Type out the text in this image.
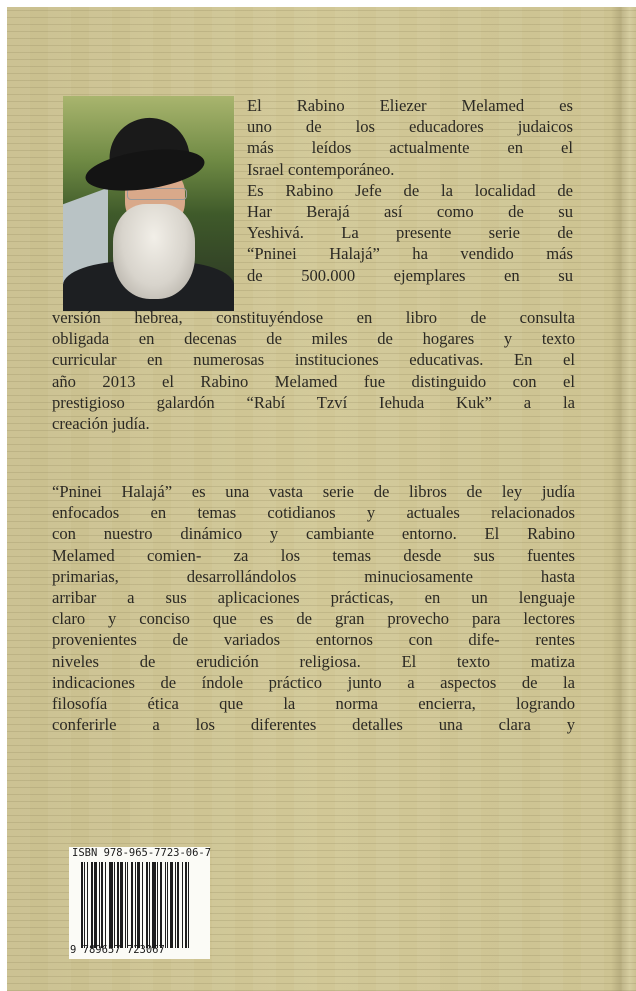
El Rabino Eliezer Melamed es
uno de los educadores judaicos
más leídos actualmente en el
Israel contemporáneo.
Es Rabino Jefe de la localidad de
Har Berajá así como de su
Yeshivá. La presente serie de
“Pninei Halajá” ha vendido más
de 500.000 ejemplares en su
versión hebrea, constituyéndose en libro de consulta
obligada en decenas de miles de hogares y texto
curricular en numerosas instituciones educativas. En el
año 2013 el Rabino Melamed fue distinguido con el
prestigioso galardón “Rabí Tzví Iehuda Kuk” a la
creación judía.
“Pninei Halajá” es una vasta serie de libros de ley judía
enfocados en temas cotidianos y actuales relacionados
con nuestro dinámico y cambiante entorno. El Rabino
Melamed comien- za los temas desde sus fuentes
primarias, desarrollándolos minuciosamente hasta
arribar a sus aplicaciones prácticas, en un lenguaje
claro y conciso que es de gran provecho para lectores
provenientes de variados entornos con dife- rentes
niveles de erudición religiosa. El texto matiza
indicaciones de índole práctico junto a aspectos de la
filosofía ética que la norma encierra, logrando
conferirle a los diferentes detalles una clara y
ISBN 978-965-7723-06-7
9 789657 723067
